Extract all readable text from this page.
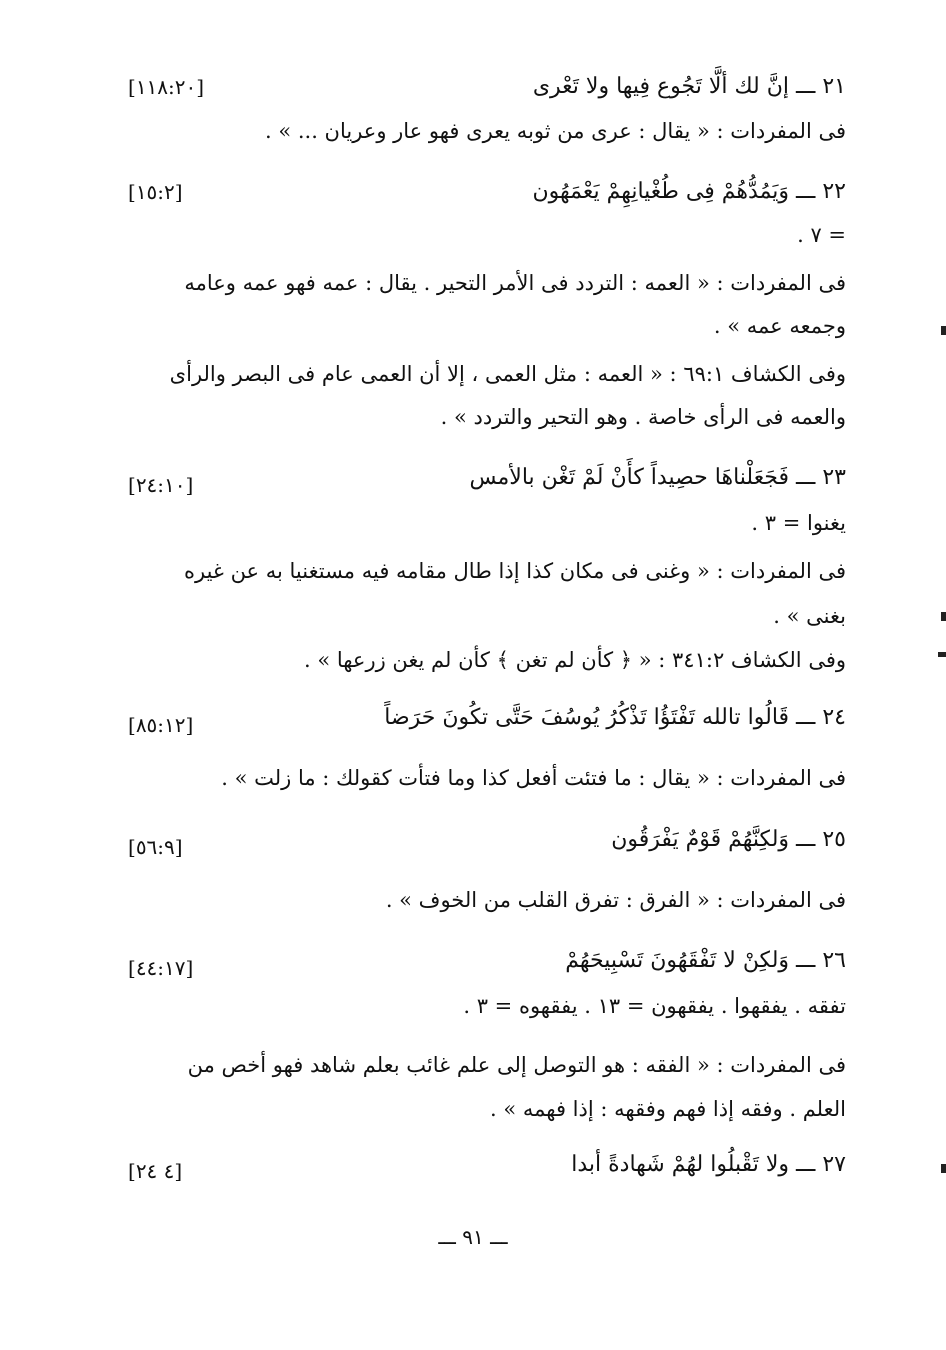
٢١ ـــ إنَّ لك ألَّا تَجُوع فِيها ولا تَعْرى
[١١٨:٢٠]
فى المفردات : « يقال : عرى من ثوبه يعرى فهو عار وعريان ... » .
٢٢ ـــ وَيَمُدُّهُمْ فِى طُغْيانِهِمْ يَعْمَهُون
[١٥:٢]
= ٧ .
فى المفردات : « العمه : التردد فى الأمر التحير . يقال : عمه فهو عمه وعامه
وجمعه عمه » .
وفى الكشاف ٦٩:١ : « العمه : مثل العمى ، إلا أن العمى عام فى البصر والرأى
والعمه فى الرأى خاصة . وهو التحير والتردد » .
٢٣ ـــ فَجَعَلْناهَا حصِيداً كأَنْ لَمْ تَغْن بالأمس
[٢٤:١٠]
يغنوا = ٣ .
فى المفردات : « وغنى فى مكان كذا إذا طال مقامه فيه مستغنيا به عن غيره
بغنى » .
وفى الكشاف ٣٤١:٢ : « ﴿ كأن لم تغن ﴾ كأن لم يغن زرعها » .
٢٤ ـــ قَالُوا تالله تَفْتَؤُا تَذْكُرُ يُوسُفَ حَتَّى تكُونَ حَرَضاً
[٨٥:١٢]
فى المفردات : « يقال : ما فتئت أفعل كذا وما فتأت كقولك : ما زلت » .
٢٥ ـــ وَلكِنَّهُمْ قَوْمٌ يَفْرَقُون
[٥٦:٩]
فى المفردات : « الفرق : تفرق القلب من الخوف » .
٢٦ ـــ وَلكِنْ لا تَفْقَهُونَ تَسْبِيحَهُمْ
[٤٤:١٧]
تفقه . يفقهوا . يفقهون = ١٣ . يفقهوه = ٣ .
فى المفردات : « الفقه : هو التوصل إلى علم غائب بعلم شاهد فهو أخص من
العلم . وفقه إذا فهم وفقهه : إذا فهمه » .
٢٧ ـــ ولا تَقْبلُوا لهُمْ شَهادةً أبدا
[٤ ٢٤]
ـــ ٩١ ـــ
